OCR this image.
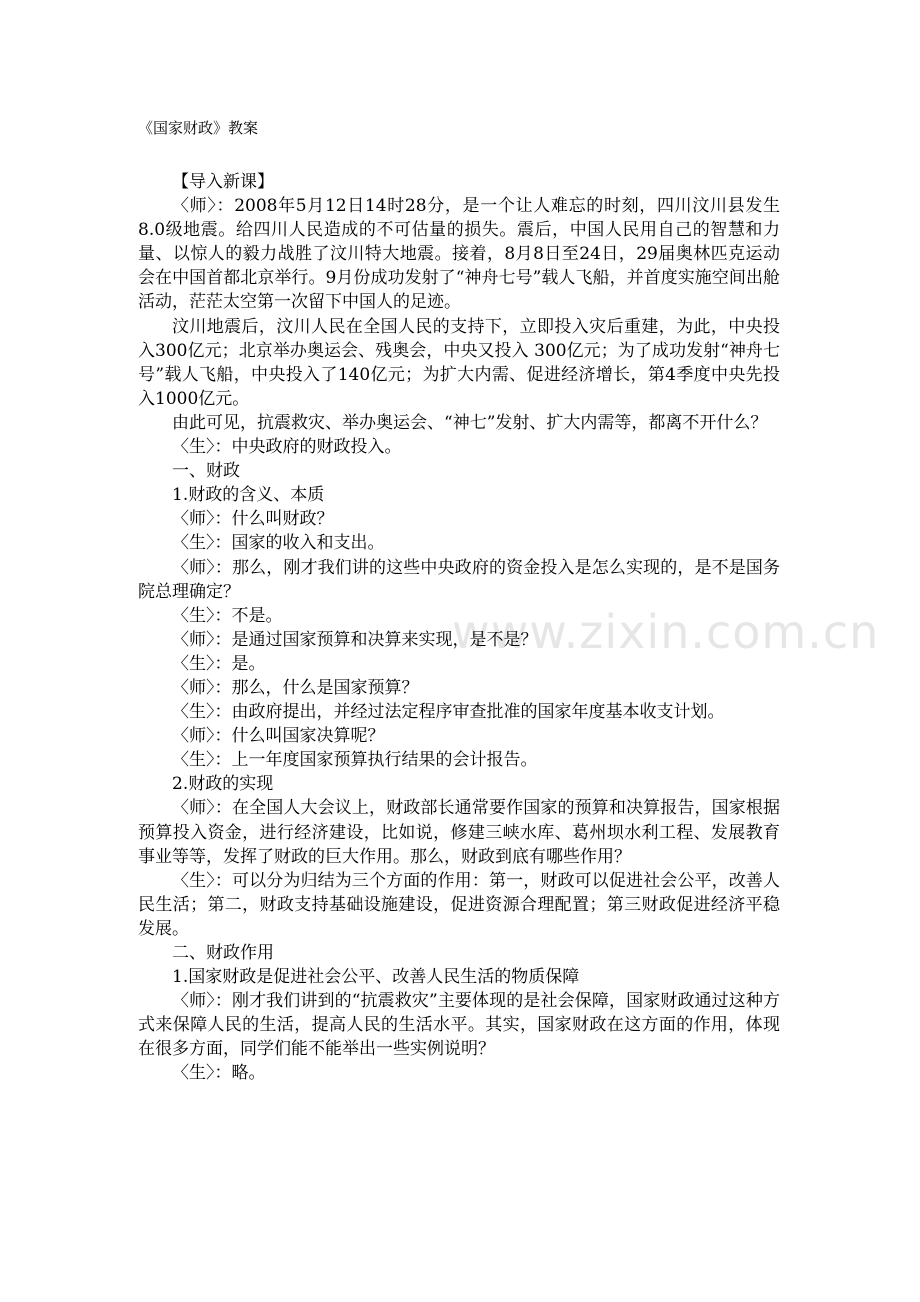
www.zixin.com.cn
《国家财政》教案

【导入新课】

〈师〉：2008年5月12日14时28分，是一个让人难忘的时刻，四川汶川县发生8.0级地震。给四川人民造成的不可估量的损失。震后，中国人民用自己的智慧和力量、以惊人的毅力战胜了汶川特大地震。接着，8月8日至24日，29届奥林匹克运动会在中国首都北京举行。9月份成功发射了“神舟七号”载人飞船，并首度实施空间出舱活动，茫茫太空第一次留下中国人的足迹。

汶川地震后，汶川人民在全国人民的支持下，立即投入灾后重建，为此，中央投入300亿元；北京举办奥运会、残奥会，中央又投入 300亿元；为了成功发射“神舟七号”载人飞船，中央投入了140亿元；为扩大内需、促进经济增长，第4季度中央先投入1000亿元。

由此可见，抗震救灾、举办奥运会、“神七”发射、扩大内需等，都离不开什么？

〈生〉：中央政府的财政投入。

一、财政

1.财政的含义、本质

〈师〉：什么叫财政？

〈生〉：国家的收入和支出。

〈师〉：那么，刚才我们讲的这些中央政府的资金投入是怎么实现的，是不是国务院总理确定？

〈生〉：不是。

〈师〉：是通过国家预算和决算来实现，是不是？

〈生〉：是。

〈师〉：那么，什么是国家预算？

〈生〉：由政府提出，并经过法定程序审查批准的国家年度基本收支计划。

〈师〉：什么叫国家决算呢？

〈生〉：上一年度国家预算执行结果的会计报告。

2.财政的实现

〈师〉：在全国人大会议上，财政部长通常要作国家的预算和决算报告，国家根据预算投入资金，进行经济建设，比如说，修建三峡水库、葛州坝水利工程、发展教育事业等等，发挥了财政的巨大作用。那么，财政到底有哪些作用？

〈生〉：可以分为归结为三个方面的作用：第一，财政可以促进社会公平，改善人民生活；第二，财政支持基础设施建设，促进资源合理配置；第三财政促进经济平稳发展。

二、财政作用

1.国家财政是促进社会公平、改善人民生活的物质保障

〈师〉：刚才我们讲到的“抗震救灾”主要体现的是社会保障，国家财政通过这种方式来保障人民的生活，提高人民的生活水平。其实，国家财政在这方面的作用，体现在很多方面，同学们能不能举出一些实例说明？

〈生〉：略。
